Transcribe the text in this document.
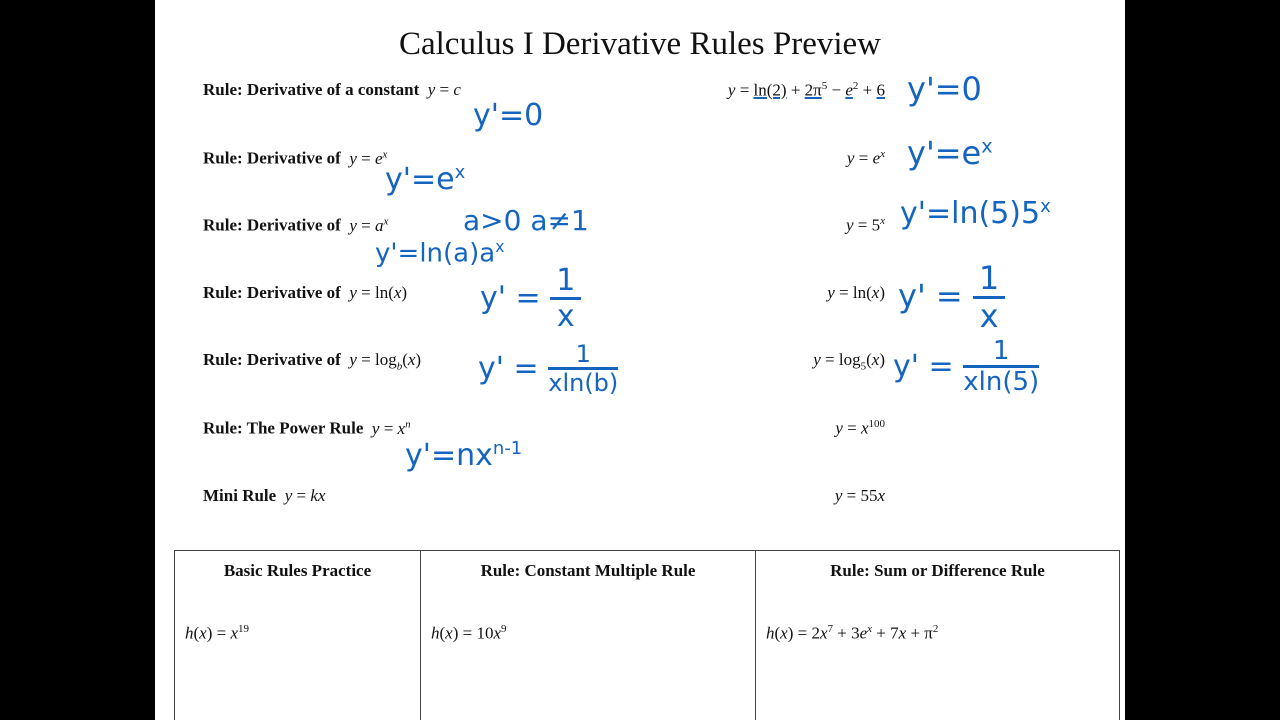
Calculus I Derivative Rules Preview
Rule: Derivative of a constant y = c
y'=0
Rule: Derivative of $y = e^x$
$y'=e^x$
Rule: Derivative of $y = a^x$	a>0 a≠1
$y'=\ln(a)a^x$
Rule: Derivative of y = ln(x) $y' = \frac{1}{x}$
Rule: Derivative of $y = \log_b(x) y' = \frac{1}{xln(b)}$
Rule: The Power Rule $y = x^n$
$y'=nx^{n-1}$
Mini Rule y = kx
$y = \ln(2) + 2\pi^5 - e^2 + 6$ y'=0
$y = e^x$ $y'=e^x$
$y = 5^x$ $y'=\ln(5)5^x$
y = ln(x) $y' = \frac{1}{x}$
$y = \log_5(x) y' = \frac{1}{xln(5)}$
$y = x^{100}$
y = 55x
Basic Rules Practice
$h(x) = x^{19}$
Rule: Constant Multiple Rule
$h(x) = 10x^9$
Rule: Sum or Difference Rule
$h(x) = 2x^7 + 3e^x + 7x + \pi^2$
